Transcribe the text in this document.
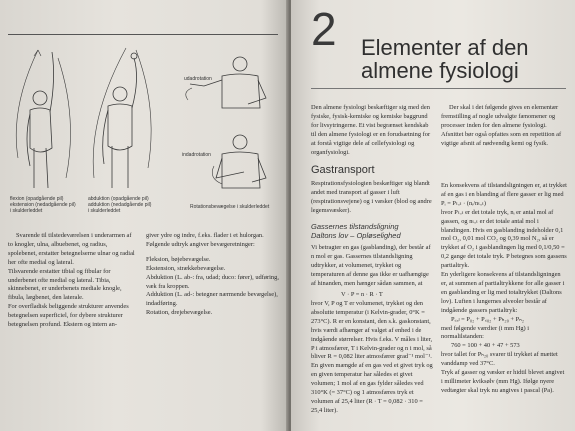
flexion (opadgående pil)
ekstension (nedadgående pil)
i skulderleddet
abduktion (opadgående pil)
adduktion (nedadgående pil)
i skulderleddet
udadrotation
indadrotation
Rotationsbevægelse i skulderleddet
Svarende til tilstedeværelsen i underarmen af to knogler, ulna, albuebenet, og radius, spolebenet, erstatter betegnelserne ulnar og radial her ofte medial og lateral.
Tilsvarende erstatter tibial og fibular for underbenet ofte medial og lateral. Tibia, skinnebenet, er underbenets mediale knogle, fibula, lægbenet, den laterale.
For overfladisk beliggende strukturer anvendes betegnelsen superficiel, for dybere strukturer betegnelsen profund. Ekstern og intern an-

giver ydre og indre, f.eks. flader i et hulorgan.
Følgende udtryk angiver bevægeretninger:

Fleksion, bøjebevægelse.

Ekstension, strækkebevægelse.

Abduktion (L. ab-: fra, udad; duco: fører), udføring, væk fra kroppen.

Adduktion (L. ad-: betegner nærmende bevægelse), indadføring.

Rotation, drejebevægelse.

2 Elementer af den almene fysiologi
Den almene fysiologi beskæftiger sig med den fysiske, fysisk-kemiske og kemiske baggrund for livsytringerne. Et vist begrænset kendskab til den almene fysiologi er en forudsætning for at forstå vigtige dele af cellefysiologi og organfysiologi.
Der skal i det følgende gives en elementær fremstilling af nogle udvalgte fænomener og processer inden for den almene fysiologi. Afsnittet bør også opfattes som en repetition af vigtige afsnit af nødvendig kemi og fysik.
Gastransport
Respirationsfysiologien beskæftiger sig blandt andet med transport af gasser i luft (respirationsvejene) og i væsker (blod og andre legemsvæsker).
Gassernes tilstandsligning
Daltons lov – Opløselighed
Vi betragter en gas (gasblanding), der består af n mol er gas. Gassernes tilstandsligning udtrykker, at volumenet, trykket og temperaturen af denne gas ikke er uafhængige af hinanden, men hænger sådan sammen, at
V · P = n · R · T
hvor V, P og T er volumenet, trykket og den absolutte temperatur (i Kelvin-grader, 0°K = 273°C). R er en konstant, den s.k. gaskonstant, hvis værdi afhænger af valget af enhed i de indgående størrelser. Hvis f.eks. V måles i liter, P i atmosfærer, T i Kelvin-grader og n i mol, så bliver R = 0,082 liter atmosfærer grad⁻¹ mol⁻¹.
En given mængde af en gas ved et givet tryk og en given temperatur har således et givet volumen; 1 mol af en gas fylder således ved 310°K (= 37°C) og 1 atmosfæres tryk et volumen af 25,4 liter (R · T = 0,082 · 310 = 25,4 liter).

En konsekvens af tilstandsligningen er, at trykket af en gas i en blanding af flere gasser er lig med
Pᵢ = Pₜₒₜ · (nᵢ/nₜₒₜ)
hvor Pₜₒₜ er det totale tryk, nᵢ er antal mol af gassen, og nₜₒₜ er det totale antal mol i blandingen. Hvis en gasblanding indeholder 0,1 mol O₂, 0,01 mol CO₂ og 0,39 mol N₂, så er trykket af O₂ i gasblandingen lig med 0,1/0,50 = 0,2 gange det totale tryk. P betegnes som gassens partialtryk.
En yderligere konsekvens af tilstandsligningen er, at summen af partialtrykkene for alle gasser i en gasblanding er lig med totaltrykket (Daltons lov). Luften i lungernes alveoler består af indgående gassers partialtryk:

P꜀ₐₗ = P₀₂ + P꜀₀₂ + Pₕ₂₀ + Pₙ₂

med følgende værdier (i mm Hg) i normalilstanden:

760 = 100 + 40 + 47 + 573

hvor tallet for Pₕ₂₀ svarer til trykket af mættet vanddamp ved 37°C.
Tryk af gasser og væsker er hidtil blevet angivet i millimeter kviksølv (mm Hg). Ifølge nyere vedtægter skal tryk nu angives i pascal (Pa).
